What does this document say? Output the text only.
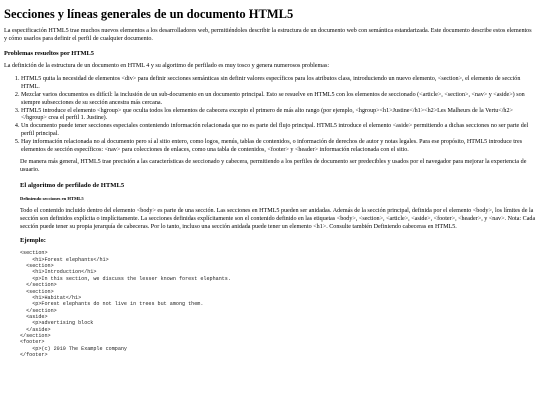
Secciones y líneas generales de un documento HTML5

La especificación HTML5 trae muchos nuevos elementos a los desarrolladores web, permitiéndoles describir la estructura de un documento web con semántica estandarizada. Este documento describe estos elementos y cómo usarlos para definir el perfil de cualquier documento.

Problemas resueltos por HTML5

La definición de la estructura de un documento en HTML 4 y su algoritmo de perfilado es muy tosco y genera numerosos problemas:

1. HTML5 quita la necesidad de elementos <div> para definir secciones semánticas sin definir valores específicos para los atributos class, introduciendo un nuevo elemento, <section>, el elemento de sección HTML.
2. Mezclar varios documentos es difícil: la inclusión de un sub-documento en un documento principal. Esto se resuelve en HTML5 con los elementos de seccionado (<article>, <section>, <nav> y <aside>) son siempre subsecciones de su sección ancestra más cercana.
3. HTML5 introduce el elemento <hgroup> que oculta todos los elementos de cabecera excepto el primero de más alto rango (por ejemplo, <hgroup><h1>Justine</h1><h2>Les Malheurs de la Vertu</h2></hgroup> crea el perfil 1. Justine).
4. Un documento puede tener secciones especiales conteniendo información relacionada que no es parte del flujo principal. HTML5 introduce el elemento <aside> permitiendo a dichas secciones no ser parte del perfil principal.
5. Hay información relacionada no al documento pero sí al sitio entero, como logos, menús, tablas de contenidos, o información de derechos de autor y notas legales. Para ese propósito, HTML5 introduce tres elementos de sección específicos: <nav> para colecciones de enlaces, como una tabla de contenidos, <footer> y <header> información relacionada con el sitio.

De manera más general, HTML5 trae precisión a las características de seccionado y cabecera, permitiendo a los perfiles de documento ser predecibles y usados por el navegador para mejorar la experiencia de usuario.

El algoritmo de perfilado de HTML5
Definiendo secciones en HTML5

Todo el contenido incluido dentro del elemento <body> es parte de una sección. Las secciones en HTML5 pueden ser anidadas. Además de la sección principal, definida por el elemento <body>, los límites de la sección son definidos explícita o implícitamente. La secciones definidas explícitamente son el contenido definido en las etiquetas <body>, <section>, <article>, <aside>, <footer>, <header>, y <nav>. Nota: Cada sección puede tener su propia jerarquía de cabeceras. Por lo tanto, incluso una sección anidada puede tener un elemento <h1>. Consulte también Definiendo cabeceras en HTML5.

Ejemplo:
<section>
<h1>Forest elephants</h1>
<section>
<h1>Introduction</h1>
<p>In this section, we discuss the lesser known forest elephants.
</section>
<section>
<h1>Habitat</h1>
<p>Forest elephants do not live in trees but among them.
</section>
<aside>
<p>advertising block
</aside>
</section>
<footer>
<p>(c) 2010 The Example company
</footer>
